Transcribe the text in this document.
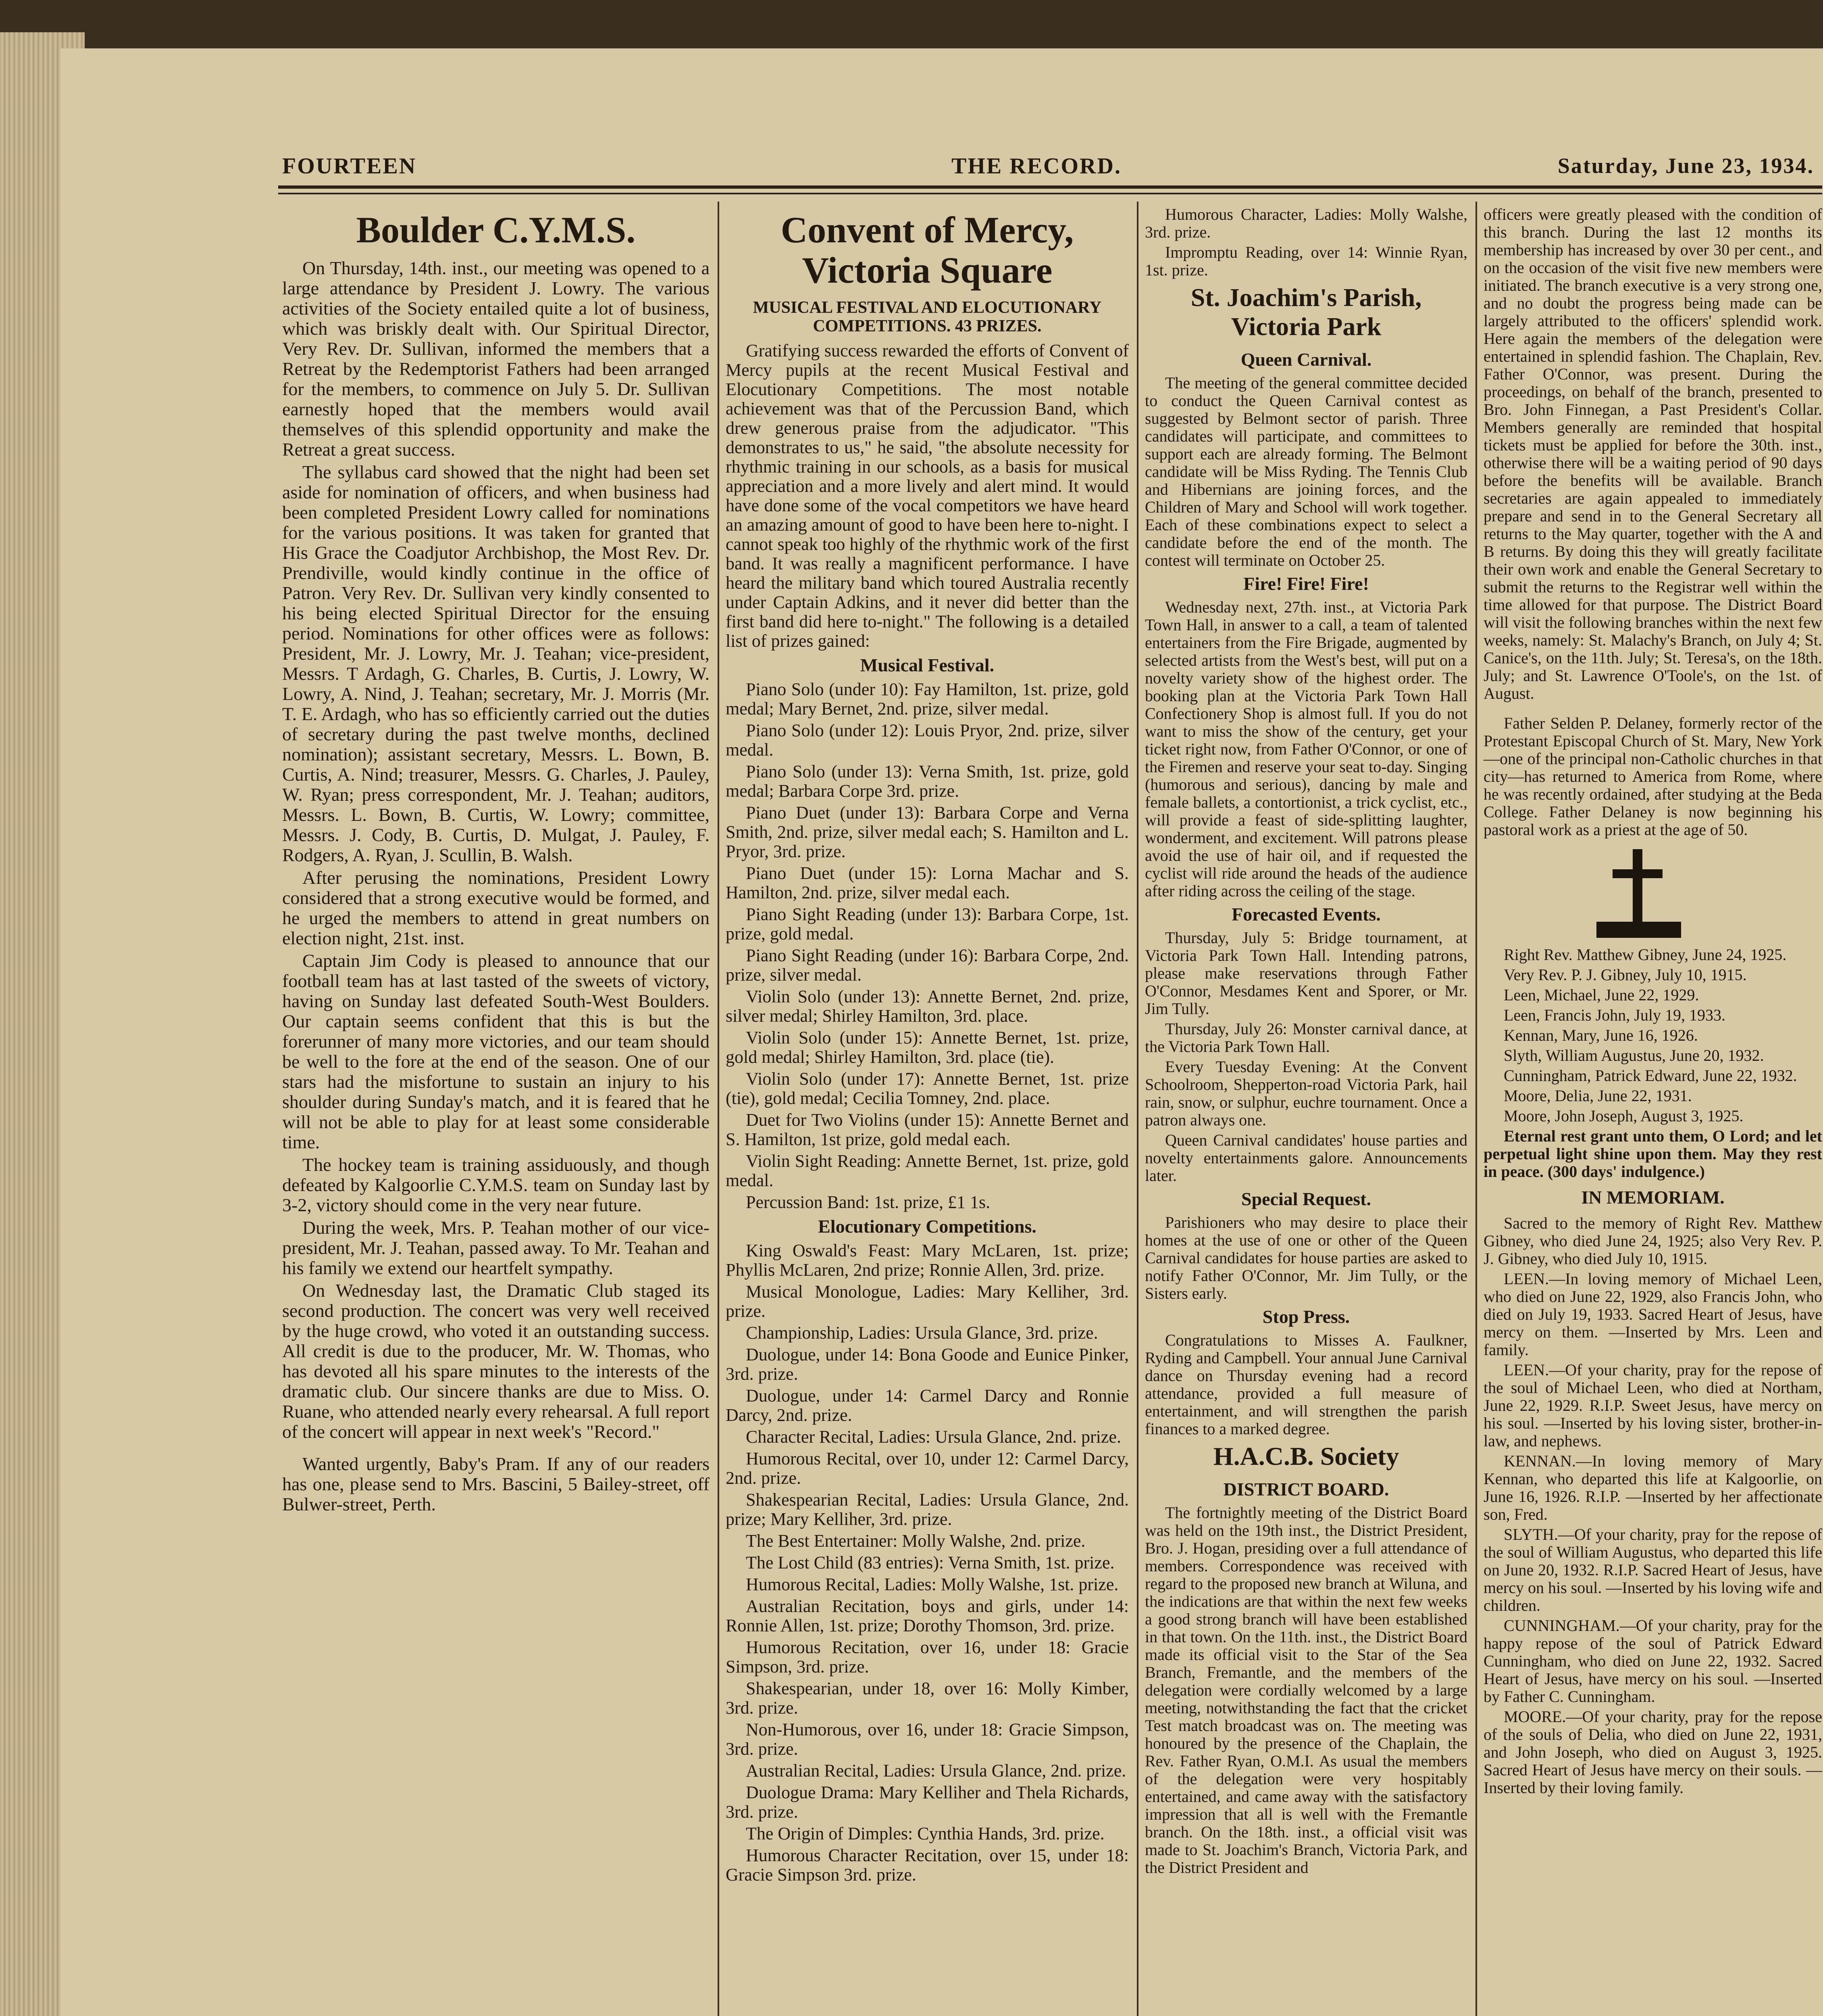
FOURTEEN	THE RECORD.	Saturday, June 23, 1934.
Boulder C.Y.M.S.

On Thursday, 14th. inst., our meeting was opened to a large attendance by President J. Lowry. The various activities of the Society entailed quite a lot of business, which was briskly dealt with. Our Spiritual Director, Very Rev. Dr. Sullivan, informed the members that a Retreat by the Redemptorist Fathers had been arranged for the members, to commence on July 5. Dr. Sullivan earnestly hoped that the members would avail themselves of this splendid opportunity and make the Retreat a great success.

The syllabus card showed that the night had been set aside for nomination of officers, and when business had been completed President Lowry called for nominations for the various positions. It was taken for granted that His Grace the Coadjutor Archbishop, the Most Rev. Dr. Prendiville, would kindly continue in the office of Patron. Very Rev. Dr. Sullivan very kindly consented to his being elected Spiritual Director for the ensuing period. Nominations for other offices were as follows: President, Mr. J. Lowry, Mr. J. Teahan; vice-president, Messrs. T Ardagh, G. Charles, B. Curtis, J. Lowry, W. Lowry, A. Nind, J. Teahan; secretary, Mr. J. Morris (Mr. T. E. Ardagh, who has so efficiently carried out the duties of secretary during the past twelve months, declined nomination); assistant secretary, Messrs. L. Bown, B. Curtis, A. Nind; treasurer, Messrs. G. Charles, J. Pauley, W. Ryan; press correspondent, Mr. J. Teahan; auditors, Messrs. L. Bown, B. Curtis, W. Lowry; committee, Messrs. J. Cody, B. Curtis, D. Mulgat, J. Pauley, F. Rodgers, A. Ryan, J. Scullin, B. Walsh.

After perusing the nominations, President Lowry considered that a strong executive would be formed, and he urged the members to attend in great numbers on election night, 21st. inst.

Captain Jim Cody is pleased to announce that our football team has at last tasted of the sweets of victory, having on Sunday last defeated South-West Boulders. Our captain seems confident that this is but the forerunner of many more victories, and our team should be well to the fore at the end of the season. One of our stars had the misfortune to sustain an injury to his shoulder during Sunday's match, and it is feared that he will not be able to play for at least some considerable time.

The hockey team is training assiduously, and though defeated by Kalgoorlie C.Y.M.S. team on Sunday last by 3-2, victory should come in the very near future.

During the week, Mrs. P. Teahan mother of our vice-president, Mr. J. Teahan, passed away. To Mr. Teahan and his family we extend our heartfelt sympathy.

On Wednesday last, the Dramatic Club staged its second production. The concert was very well received by the huge crowd, who voted it an outstanding success. All credit is due to the producer, Mr. W. Thomas, who has devoted all his spare minutes to the interests of the dramatic club. Our sincere thanks are due to Miss. O. Ruane, who attended nearly every rehearsal. A full report of the concert will appear in next week's "Record."

Wanted urgently, Baby's Pram. If any of our readers has one, please send to Mrs. Bascini, 5 Bailey-street, off Bulwer-street, Perth.

Convent of Mercy, Victoria Square
MUSICAL FESTIVAL AND ELOCUTIONARY COMPETITIONS. 43 PRIZES.

Gratifying success rewarded the efforts of Convent of Mercy pupils at the recent Musical Festival and Elocutionary Competitions. The most notable achievement was that of the Percussion Band, which drew generous praise from the adjudicator. "This demonstrates to us," he said, "the absolute necessity for rhythmic training in our schools, as a basis for musical appreciation and a more lively and alert mind. It would have done some of the vocal competitors we have heard an amazing amount of good to have been here to-night. I cannot speak too highly of the rhythmic work of the first band. It was really a magnificent performance. I have heard the military band which toured Australia recently under Captain Adkins, and it never did better than the first band did here to-night." The following is a detailed list of prizes gained:

Musical Festival.

Piano Solo (under 10): Fay Hamilton, 1st. prize, gold medal; Mary Bernet, 2nd. prize, silver medal.

Piano Solo (under 12): Louis Pryor, 2nd. prize, silver medal.

Piano Solo (under 13): Verna Smith, 1st. prize, gold medal; Barbara Corpe 3rd. prize.

Piano Duet (under 13): Barbara Corpe and Verna Smith, 2nd. prize, silver medal each; S. Hamilton and L. Pryor, 3rd. prize.

Piano Duet (under 15): Lorna Machar and S. Hamilton, 2nd. prize, silver medal each.

Piano Sight Reading (under 13): Barbara Corpe, 1st. prize, gold medal.

Piano Sight Reading (under 16): Barbara Corpe, 2nd. prize, silver medal.

Violin Solo (under 13): Annette Bernet, 2nd. prize, silver medal; Shirley Hamilton, 3rd. place.

Violin Solo (under 15): Annette Bernet, 1st. prize, gold medal; Shirley Hamilton, 3rd. place (tie).

Violin Solo (under 17): Annette Bernet, 1st. prize (tie), gold medal; Cecilia Tomney, 2nd. place.

Duet for Two Violins (under 15): Annette Bernet and S. Hamilton, 1st prize, gold medal each.

Violin Sight Reading: Annette Bernet, 1st. prize, gold medal.

Percussion Band: 1st. prize, £1 1s.

Elocutionary Competitions.

King Oswald's Feast: Mary McLaren, 1st. prize; Phyllis McLaren, 2nd prize; Ronnie Allen, 3rd. prize.

Musical Monologue, Ladies: Mary Kelliher, 3rd. prize.

Championship, Ladies: Ursula Glance, 3rd. prize.

Duologue, under 14: Bona Goode and Eunice Pinker, 3rd. prize.

Duologue, under 14: Carmel Darcy and Ronnie Darcy, 2nd. prize.

Character Recital, Ladies: Ursula Glance, 2nd. prize.

Humorous Recital, over 10, under 12: Carmel Darcy, 2nd. prize.

Shakespearian Recital, Ladies: Ursula Glance, 2nd. prize; Mary Kelliher, 3rd. prize.

The Best Entertainer: Molly Walshe, 2nd. prize.

The Lost Child (83 entries): Verna Smith, 1st. prize.

Humorous Recital, Ladies: Molly Walshe, 1st. prize.

Australian Recitation, boys and girls, under 14: Ronnie Allen, 1st. prize; Dorothy Thomson, 3rd. prize.

Humorous Recitation, over 16, under 18: Gracie Simpson, 3rd. prize.

Shakespearian, under 18, over 16: Molly Kimber, 3rd. prize.

Non-Humorous, over 16, under 18: Gracie Simpson, 3rd. prize.

Australian Recital, Ladies: Ursula Glance, 2nd. prize.

Duologue Drama: Mary Kelliher and Thela Richards, 3rd. prize.

The Origin of Dimples: Cynthia Hands, 3rd. prize.

Humorous Character Recitation, over 15, under 18: Gracie Simpson 3rd. prize.

Humorous Character, Ladies: Molly Walshe, 3rd. prize.

Impromptu Reading, over 14: Winnie Ryan, 1st. prize.

St. Joachim's Parish, Victoria Park
Queen Carnival.

The meeting of the general committee decided to conduct the Queen Carnival contest as suggested by Belmont sector of parish. Three candidates will participate, and committees to support each are already forming. The Belmont candidate will be Miss Ryding. The Tennis Club and Hibernians are joining forces, and the Children of Mary and School will work together. Each of these combinations expect to select a candidate before the end of the month. The contest will terminate on October 25.

Fire! Fire! Fire!

Wednesday next, 27th. inst., at Victoria Park Town Hall, in answer to a call, a team of talented entertainers from the Fire Brigade, augmented by selected artists from the West's best, will put on a novelty variety show of the highest order. The booking plan at the Victoria Park Town Hall Confectionery Shop is almost full. If you do not want to miss the show of the century, get your ticket right now, from Father O'Connor, or one of the Firemen and reserve your seat to-day. Singing (humorous and serious), dancing by male and female ballets, a contortionist, a trick cyclist, etc., will provide a feast of side-splitting laughter, wonderment, and excitement. Will patrons please avoid the use of hair oil, and if requested the cyclist will ride around the heads of the audience after riding across the ceiling of the stage.

Forecasted Events.

Thursday, July 5: Bridge tournament, at Victoria Park Town Hall. Intending patrons, please make reservations through Father O'Connor, Mesdames Kent and Sporer, or Mr. Jim Tully.

Thursday, July 26: Monster carnival dance, at the Victoria Park Town Hall.

Every Tuesday Evening: At the Convent Schoolroom, Shepperton-road Victoria Park, hail rain, snow, or sulphur, euchre tournament. Once a patron always one.

Queen Carnival candidates' house parties and novelty entertainments galore. Announcements later.

Special Request.

Parishioners who may desire to place their homes at the use of one or other of the Queen Carnival candidates for house parties are asked to notify Father O'Connor, Mr. Jim Tully, or the Sisters early.

Stop Press.

Congratulations to Misses A. Faulkner, Ryding and Campbell. Your annual June Carnival dance on Thursday evening had a record attendance, provided a full measure of entertainment, and will strengthen the parish finances to a marked degree.

H.A.C.B. Society
DISTRICT BOARD.

The fortnightly meeting of the District Board was held on the 19th inst., the District President, Bro. J. Hogan, presiding over a full attendance of members. Correspondence was received with regard to the proposed new branch at Wiluna, and the indications are that within the next few weeks a good strong branch will have been established in that town. On the 11th. inst., the District Board made its official visit to the Star of the Sea Branch, Fremantle, and the members of the delegation were cordially welcomed by a large meeting, notwithstanding the fact that the cricket Test match broadcast was on. The meeting was honoured by the presence of the Chaplain, the Rev. Father Ryan, O.M.I. As usual the members of the delegation were very hospitably entertained, and came away with the satisfactory impression that all is well with the Fremantle branch. On the 18th. inst., a official visit was made to St. Joachim's Branch, Victoria Park, and the District President and

officers were greatly pleased with the condition of this branch. During the last 12 months its membership has increased by over 30 per cent., and on the occasion of the visit five new members were initiated. The branch executive is a very strong one, and no doubt the progress being made can be largely attributed to the officers' splendid work. Here again the members of the delegation were entertained in splendid fashion. The Chaplain, Rev. Father O'Connor, was present. During the proceedings, on behalf of the branch, presented to Bro. John Finnegan, a Past President's Collar. Members generally are reminded that hospital tickets must be applied for before the 30th. inst., otherwise there will be a waiting period of 90 days before the benefits will be available. Branch secretaries are again appealed to immediately prepare and send in to the General Secretary all returns to the May quarter, together with the A and B returns. By doing this they will greatly facilitate their own work and enable the General Secretary to submit the returns to the Registrar well within the time allowed for that purpose. The District Board will visit the following branches within the next few weeks, namely: St. Malachy's Branch, on July 4; St. Canice's, on the 11th. July; St. Teresa's, on the 18th. July; and St. Lawrence O'Toole's, on the 1st. of August.

Father Selden P. Delaney, formerly rector of the Protestant Episcopal Church of St. Mary, New York—one of the principal non-Catholic churches in that city—has returned to America from Rome, where he was recently ordained, after studying at the Beda College. Father Delaney is now beginning his pastoral work as a priest at the age of 50.

Right Rev. Matthew Gibney, June 24, 1925.

Very Rev. P. J. Gibney, July 10, 1915.

Leen, Michael, June 22, 1929.

Leen, Francis John, July 19, 1933.

Kennan, Mary, June 16, 1926.

Slyth, William Augustus, June 20, 1932.

Cunningham, Patrick Edward, June 22, 1932.

Moore, Delia, June 22, 1931.

Moore, John Joseph, August 3, 1925.

Eternal rest grant unto them, O Lord; and let perpetual light shine upon them. May they rest in peace. (300 days' indulgence.)

IN MEMORIAM.

Sacred to the memory of Right Rev. Matthew Gibney, who died June 24, 1925; also Very Rev. P. J. Gibney, who died July 10, 1915.

LEEN.—In loving memory of Michael Leen, who died on June 22, 1929, also Francis John, who died on July 19, 1933. Sacred Heart of Jesus, have mercy on them. —Inserted by Mrs. Leen and family.

LEEN.—Of your charity, pray for the repose of the soul of Michael Leen, who died at Northam, June 22, 1929. R.I.P. Sweet Jesus, have mercy on his soul. —Inserted by his loving sister, brother-in-law, and nephews.

KENNAN.—In loving memory of Mary Kennan, who departed this life at Kalgoorlie, on June 16, 1926. R.I.P. —Inserted by her affectionate son, Fred.

SLYTH.—Of your charity, pray for the repose of the soul of William Augustus, who departed this life on June 20, 1932. R.I.P. Sacred Heart of Jesus, have mercy on his soul. —Inserted by his loving wife and children.

CUNNINGHAM.—Of your charity, pray for the happy repose of the soul of Patrick Edward Cunningham, who died on June 22, 1932. Sacred Heart of Jesus, have mercy on his soul. —Inserted by Father C. Cunningham.

MOORE.—Of your charity, pray for the repose of the souls of Delia, who died on June 22, 1931, and John Joseph, who died on August 3, 1925. Sacred Heart of Jesus have mercy on their souls. —Inserted by their loving family.
